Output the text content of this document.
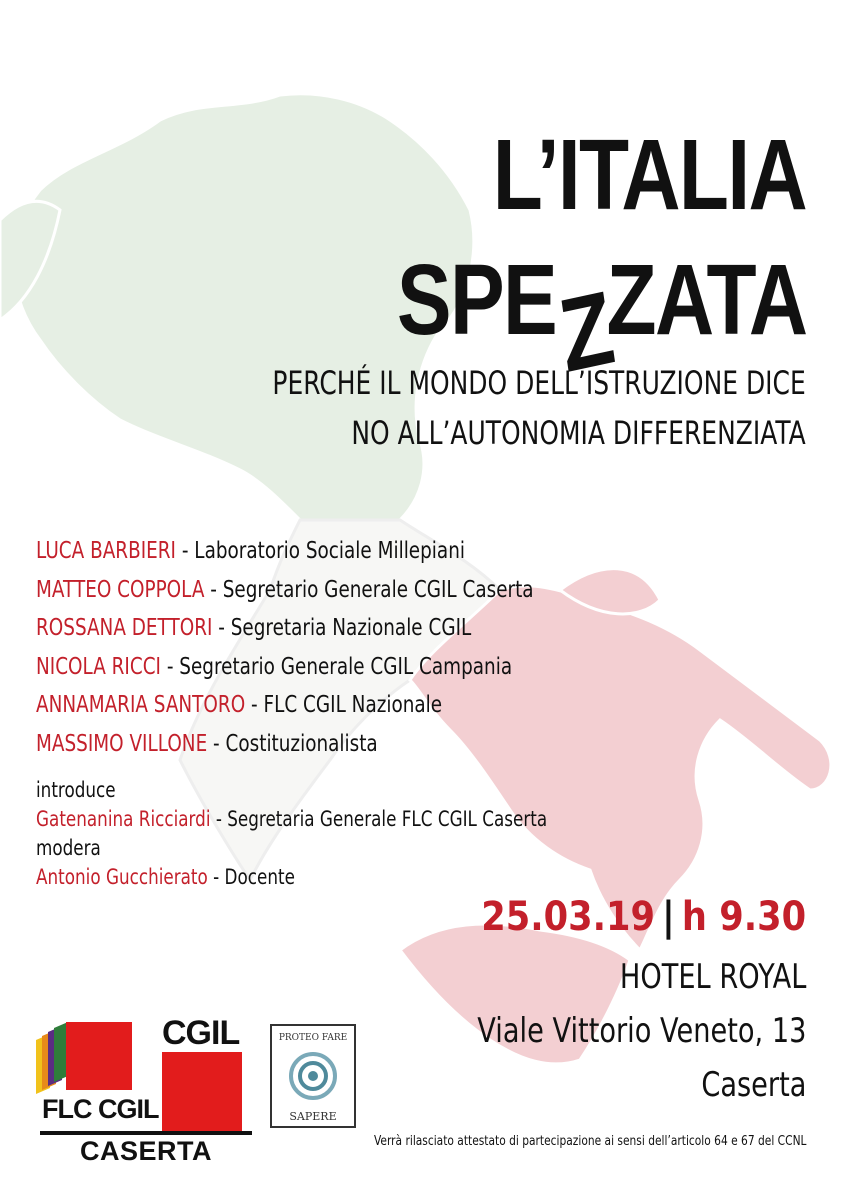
L’ITALIA
SPEZZATA
PERCHÉ IL MONDO DELL’ISTRUZIONE DICE
NO ALL’AUTONOMIA DIFFERENZIATA
LUCA BARBIERI - Laboratorio Sociale Millepiani
MATTEO COPPOLA - Segretario Generale CGIL Caserta
ROSSANA DETTORI - Segretaria Nazionale CGIL
NICOLA RICCI - Segretario Generale CGIL Campania
ANNAMARIA SANTORO - FLC CGIL Nazionale
MASSIMO VILLONE - Costituzionalista
introduce
Gatenanina Ricciardi - Segretaria Generale FLC CGIL Caserta
modera
Antonio Gucchierato - Docente
25.03.19 | h 9.30
HOTEL ROYAL
Viale Vittorio Veneto, 13
Caserta
FLC CGIL
CGIL
CASERTA
PROTEO FARE
SAPERE
Verrà rilasciato attestato di partecipazione ai sensi dell’articolo 64 e 67 del CCNL
